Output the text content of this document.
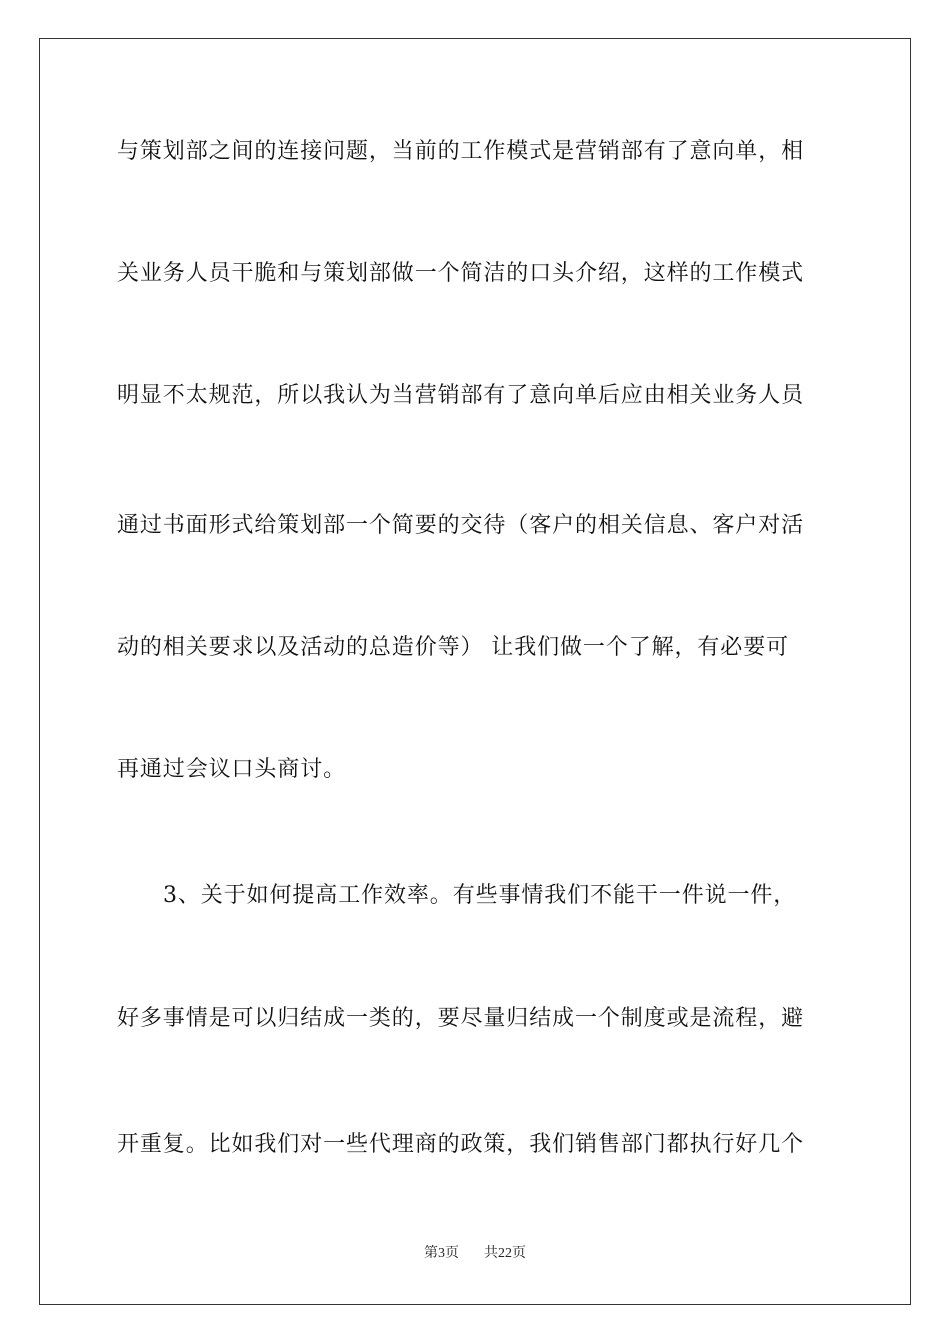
与策划部之间的连接问题，当前的工作模式是营销部有了意向单，相
关业务人员干脆和与策划部做一个简洁的口头介绍，这样的工作模式
明显不太规范，所以我认为当营销部有了意向单后应由相关业务人员
通过书面形式给策划部一个简要的交待（客户的相关信息、客户对活
动的相关要求以及活动的总造价等） 让我们做一个了解，有必要可
再通过会议口头商讨。
3、关于如何提高工作效率。有些事情我们不能干一件说一件，
好多事情是可以归结成一类的，要尽量归结成一个制度或是流程，避
开重复。比如我们对一些代理商的政策，我们销售部门都执行好几个
第3页 共22页
